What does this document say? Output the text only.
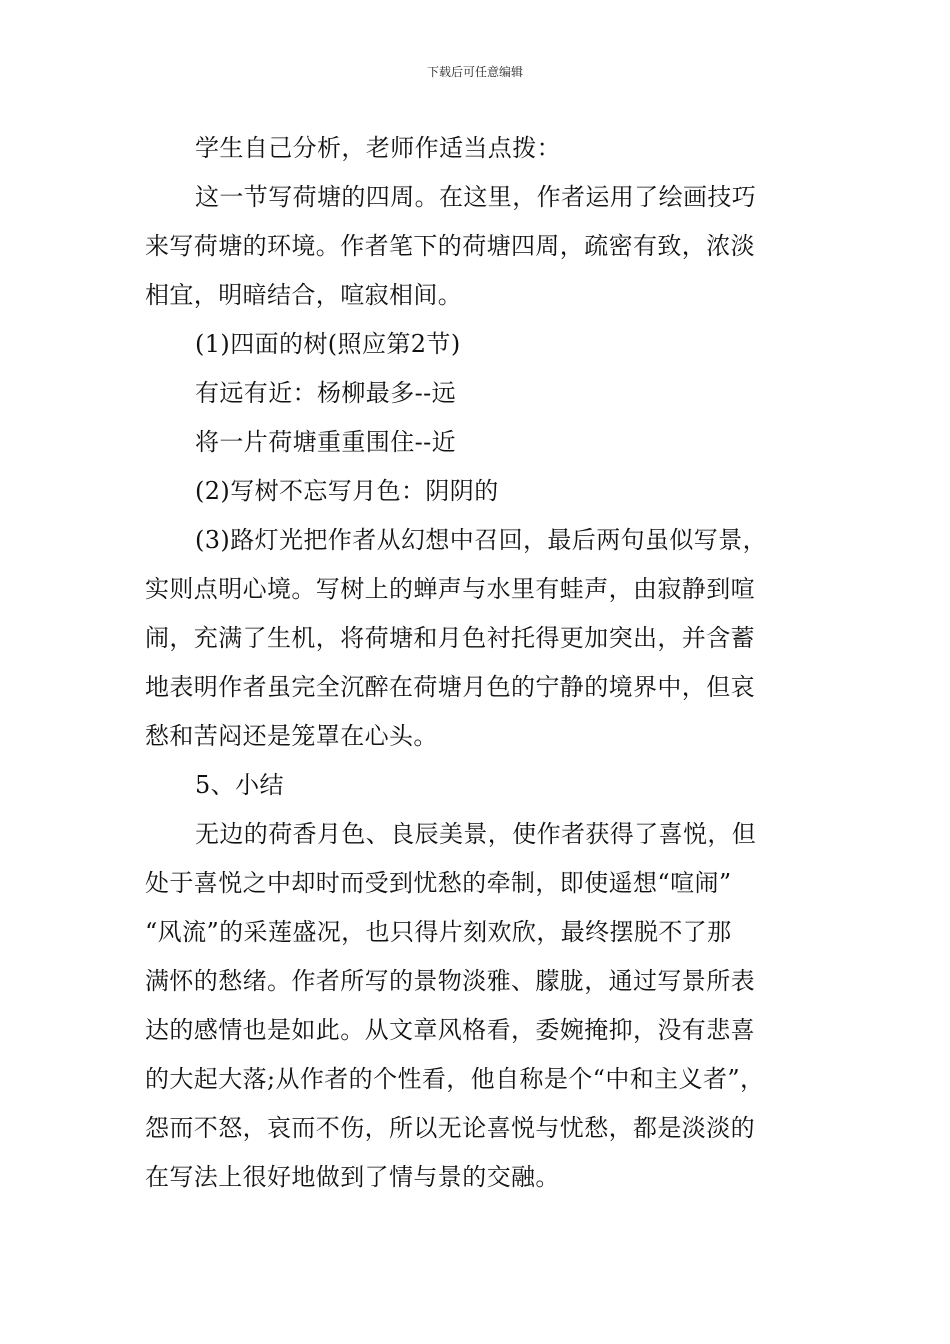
下载后可任意编辑
学生自己分析，老师作适当点拨：
这一节写荷塘的四周。在这里，作者运用了绘画技巧
来写荷塘的环境。作者笔下的荷塘四周，疏密有致，浓淡
相宜，明暗结合，喧寂相间。
(1)四面的树(照应第2节)
有远有近：杨柳最多--远
将一片荷塘重重围住--近
(2)写树不忘写月色：阴阴的
(3)路灯光把作者从幻想中召回，最后两句虽似写景，
实则点明心境。写树上的蝉声与水里有蛙声，由寂静到喧
闹，充满了生机，将荷塘和月色衬托得更加突出，并含蓄
地表明作者虽完全沉醉在荷塘月色的宁静的境界中，但哀
愁和苦闷还是笼罩在心头。
5、小结
无边的荷香月色、良辰美景，使作者获得了喜悦，但
处于喜悦之中却时而受到忧愁的牵制，即使遥想“喧闹”
“风流”的采莲盛况，也只得片刻欢欣，最终摆脱不了那
满怀的愁绪。作者所写的景物淡雅、朦胧，通过写景所表
达的感情也是如此。从文章风格看，委婉掩抑，没有悲喜
的大起大落;从作者的个性看，他自称是个“中和主义者”，
怨而不怒，哀而不伤，所以无论喜悦与忧愁，都是淡淡的
在写法上很好地做到了情与景的交融。
